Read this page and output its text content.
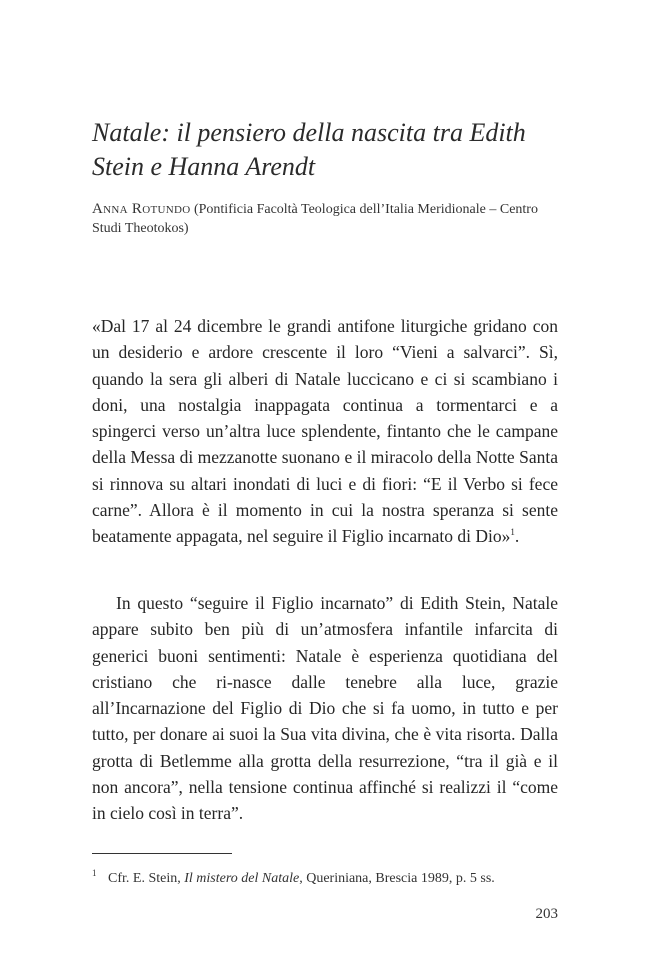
Natale: il pensiero della nascita tra Edith Stein e Hanna Arendt
Anna Rotundo (Pontificia Facoltà Teologica dell’Italia Meridionale – Centro Studi Theotokos)

«Dal 17 al 24 dicembre le grandi antifone liturgiche gridano con un desiderio e ardore crescente il loro “Vieni a salvarci”. Sì, quando la sera gli alberi di Natale luccicano e ci si scambiano i doni, una nostalgia inappagata continua a tormentarci e a spingerci verso un’altra luce splendente, fintanto che le campane della Messa di mezzanotte suonano e il miracolo della Notte Santa si rinnova su altari inondati di luci e di fiori: “E il Verbo si fece carne”. Allora è il momento in cui la nostra speranza si sente beatamente appagata, nel seguire il Figlio incarnato di Dio»$^1$.

In questo “seguire il Figlio incarnato” di Edith Stein, Natale appare subito ben più di un’atmosfera infantile infarcita di generici buoni sentimenti: Natale è esperienza quotidiana del cristiano che ri-nasce dalle tenebre alla luce, grazie all’Incarnazione del Figlio di Dio che si fa uomo, in tutto e per tutto, per donare ai suoi la Sua vita divina, che è vita risorta. Dalla grotta di Betlemme alla grotta della resurrezione, “tra il già e il non ancora”, nella tensione continua affinché si realizzi il “come in cielo così in terra”.

$^1$ Cfr. E. Stein, Il mistero del Natale, Queriniana, Brescia 1989, p. 5 ss.
203
